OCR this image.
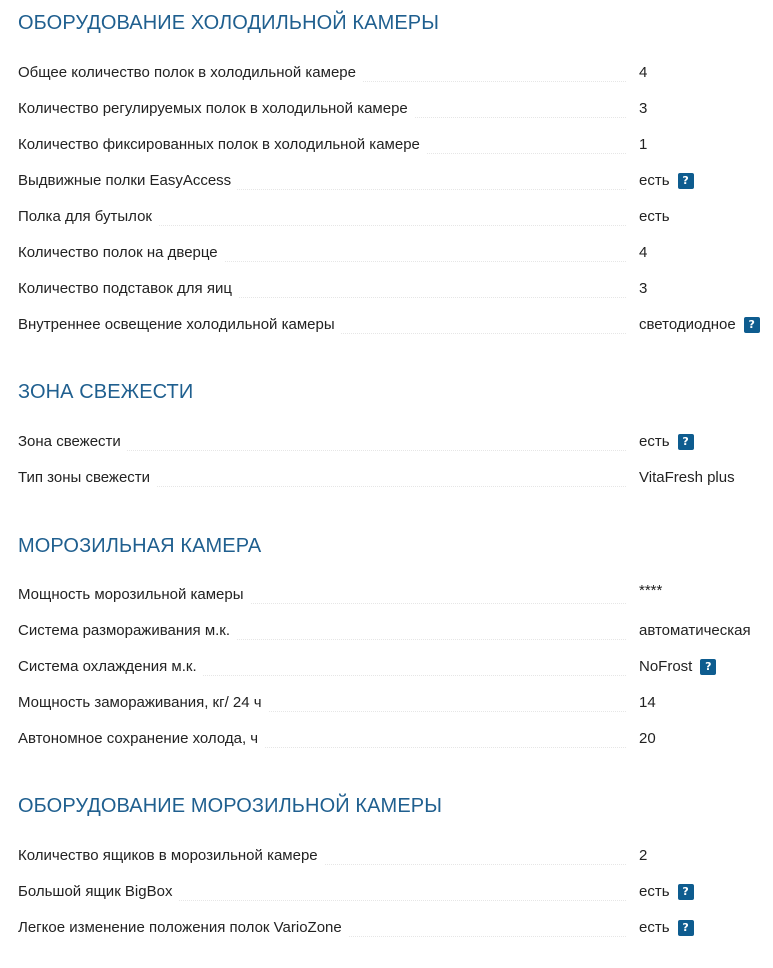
ОБОРУДОВАНИЕ ХОЛОДИЛЬНОЙ КАМЕРЫ
Общее количество полок в холодильной камере	4
Количество регулируемых полок в холодильной камере	3
Количество фиксированных полок в холодильной камере	1
Выдвижные полки EasyAccess	есть ?
Полка для бутылок	есть
Количество полок на дверце	4
Количество подставок для яиц	3
Внутреннее освещение холодильной камеры	светодиодное ?
ЗОНА СВЕЖЕСТИ
Зона свежести	есть ?
Тип зоны свежести	VitaFresh plus
МОРОЗИЛЬНАЯ КАМЕРА
Мощность морозильной камеры	****
Система размораживания м.к.	автоматическая
Система охлаждения м.к.	NoFrost ?
Мощность замораживания, кг/ 24 ч	14
Автономное сохранение холода, ч	20
ОБОРУДОВАНИЕ МОРОЗИЛЬНОЙ КАМЕРЫ
Количество ящиков в морозильной камере	2
Большой ящик BigBox	есть ?
Легкое изменение положения полок VarioZone	есть ?
